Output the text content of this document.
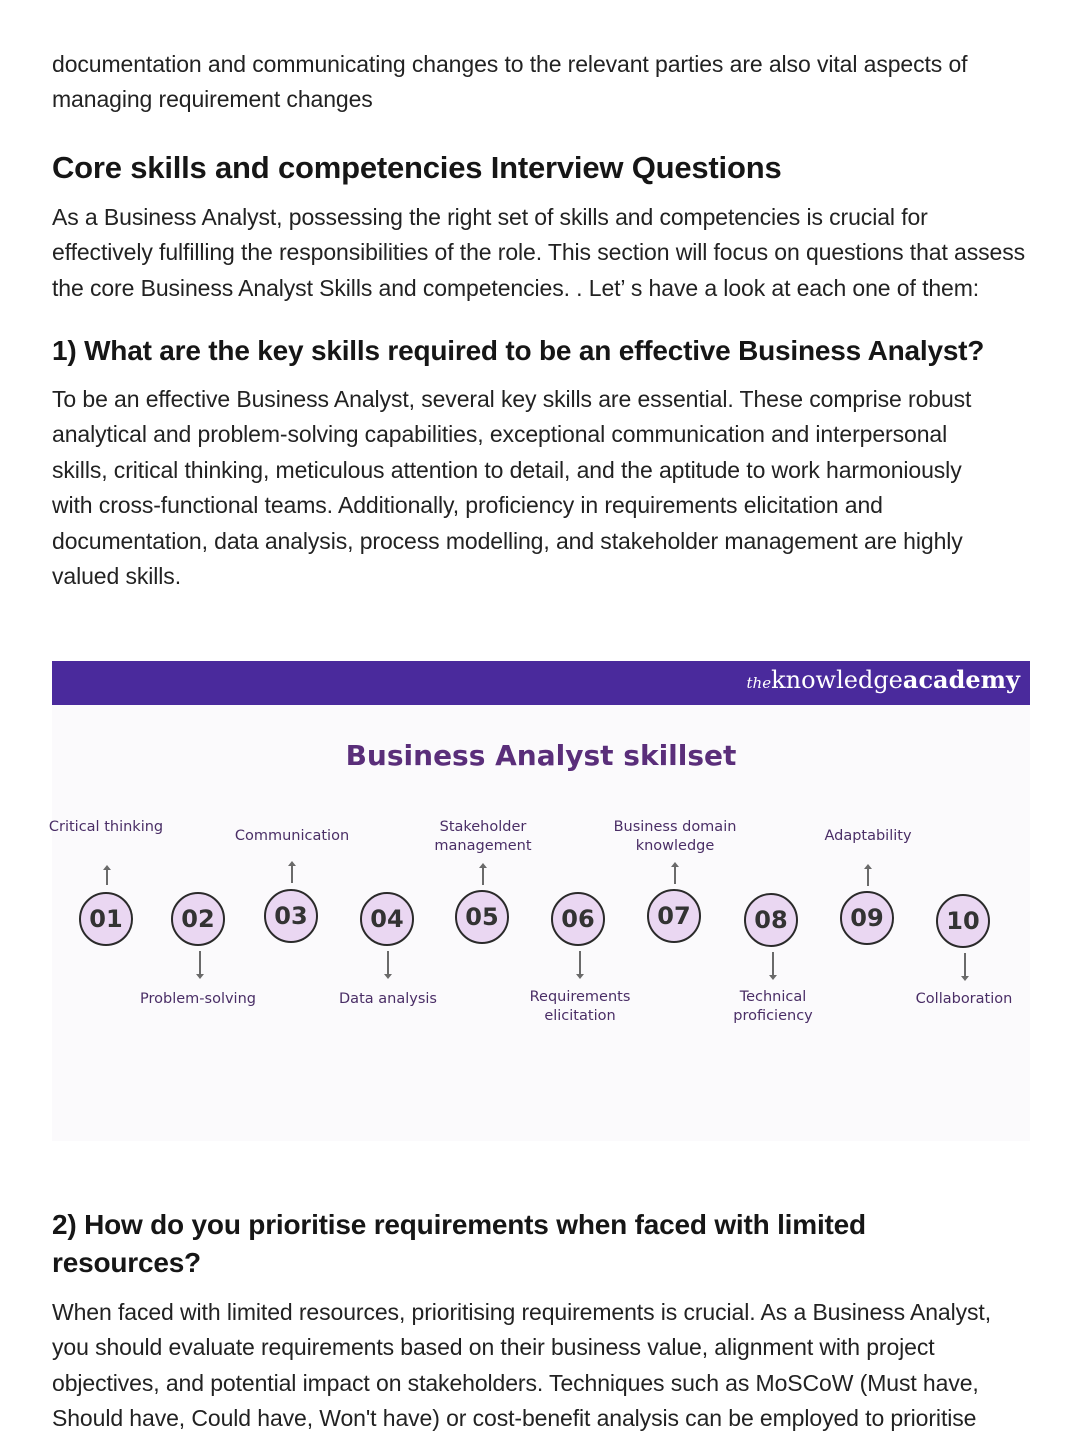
documentation and communicating changes to the relevant parties are also vital aspects of managing requirement changes

Core skills and competencies Interview Questions

As a Business Analyst, possessing the right set of skills and competencies is crucial for effectively fulfilling the responsibilities of the role. This section will focus on questions that assess the core Business Analyst Skills and competencies. . Let’ s have a look at each one of them:

1) What are the key skills required to be an effective Business Analyst?

To be an effective Business Analyst, several key skills are essential. These comprise robust analytical and problem-solving capabilities, exceptional communication and interpersonal skills, critical thinking, meticulous attention to detail, and the aptitude to work harmoniously with cross-functional teams. Additionally, proficiency in requirements elicitation and documentation, data analysis, process modelling, and stakeholder management are highly valued skills.

2) How do you prioritise requirements when faced with limited resources?

When faced with limited resources, prioritising requirements is crucial. As a Business Analyst, you should evaluate requirements based on their business value, alignment with project objectives, and potential impact on stakeholders. Techniques such as MoSCoW (Must have, Should have, Could have, Won't have) or cost-benefit analysis can be employed to prioritise

theknowledgeacademy
Business Analyst skillset
Critical thinking
01	02
Problem-solving
Communication
03	04
Data analysis
Stakeholder management
05	06
Requirements elicitation
Business domain knowledge
07	08
Technical proficiency
Adaptability
09	10
Collaboration
